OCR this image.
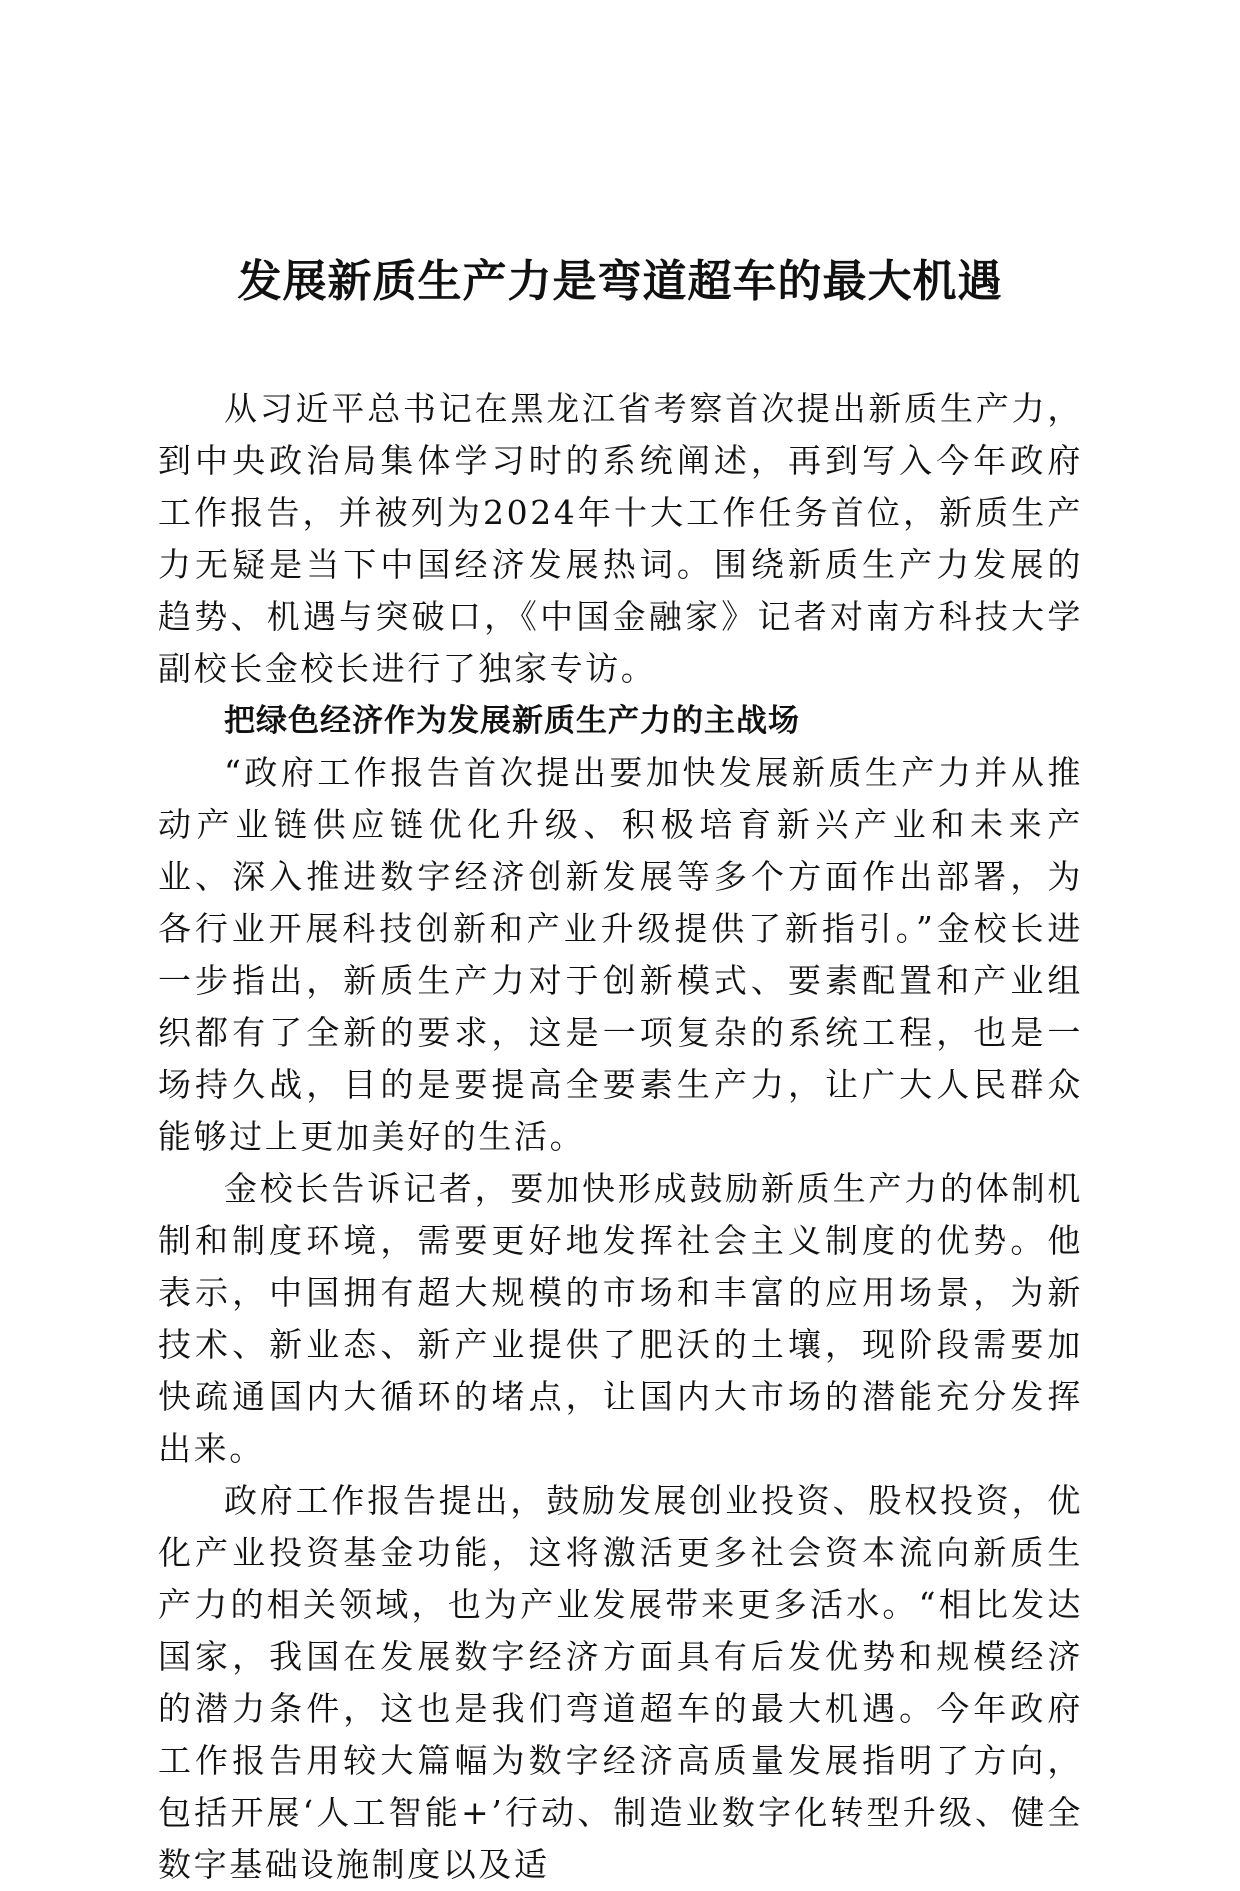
发展新质生产力是弯道超车的最大机遇

从习近平总书记在黑龙江省考察首次提出新质生产力，到中央政治局集体学习时的系统阐述，再到写入今年政府工作报告，并被列为2024年十大工作任务首位，新质生产力无疑是当下中国经济发展热词。围绕新质生产力发展的趋势、机遇与突破口，《中国金融家》记者对南方科技大学副校长金校长进行了独家专访。

把绿色经济作为发展新质生产力的主战场

“政府工作报告首次提出要加快发展新质生产力并从推动产业链供应链优化升级、积极培育新兴产业和未来产业、深入推进数字经济创新发展等多个方面作出部署，为各行业开展科技创新和产业升级提供了新指引。”金校长进一步指出，新质生产力对于创新模式、要素配置和产业组织都有了全新的要求，这是一项复杂的系统工程，也是一场持久战，目的是要提高全要素生产力，让广大人民群众能够过上更加美好的生活。

金校长告诉记者，要加快形成鼓励新质生产力的体制机制和制度环境，需要更好地发挥社会主义制度的优势。他表示，中国拥有超大规模的市场和丰富的应用场景，为新技术、新业态、新产业提供了肥沃的土壤，现阶段需要加快疏通国内大循环的堵点，让国内大市场的潜能充分发挥出来。

政府工作报告提出，鼓励发展创业投资、股权投资，优化产业投资基金功能，这将激活更多社会资本流向新质生产力的相关领域，也为产业发展带来更多活水。“相比发达国家，我国在发展数字经济方面具有后发优势和规模经济的潜力条件，这也是我们弯道超车的最大机遇。今年政府工作报告用较大篇幅为数字经济高质量发展指明了方向，包括开展‘人工智能+’行动、制造业数字化转型升级、健全数字基础设施制度以及适
